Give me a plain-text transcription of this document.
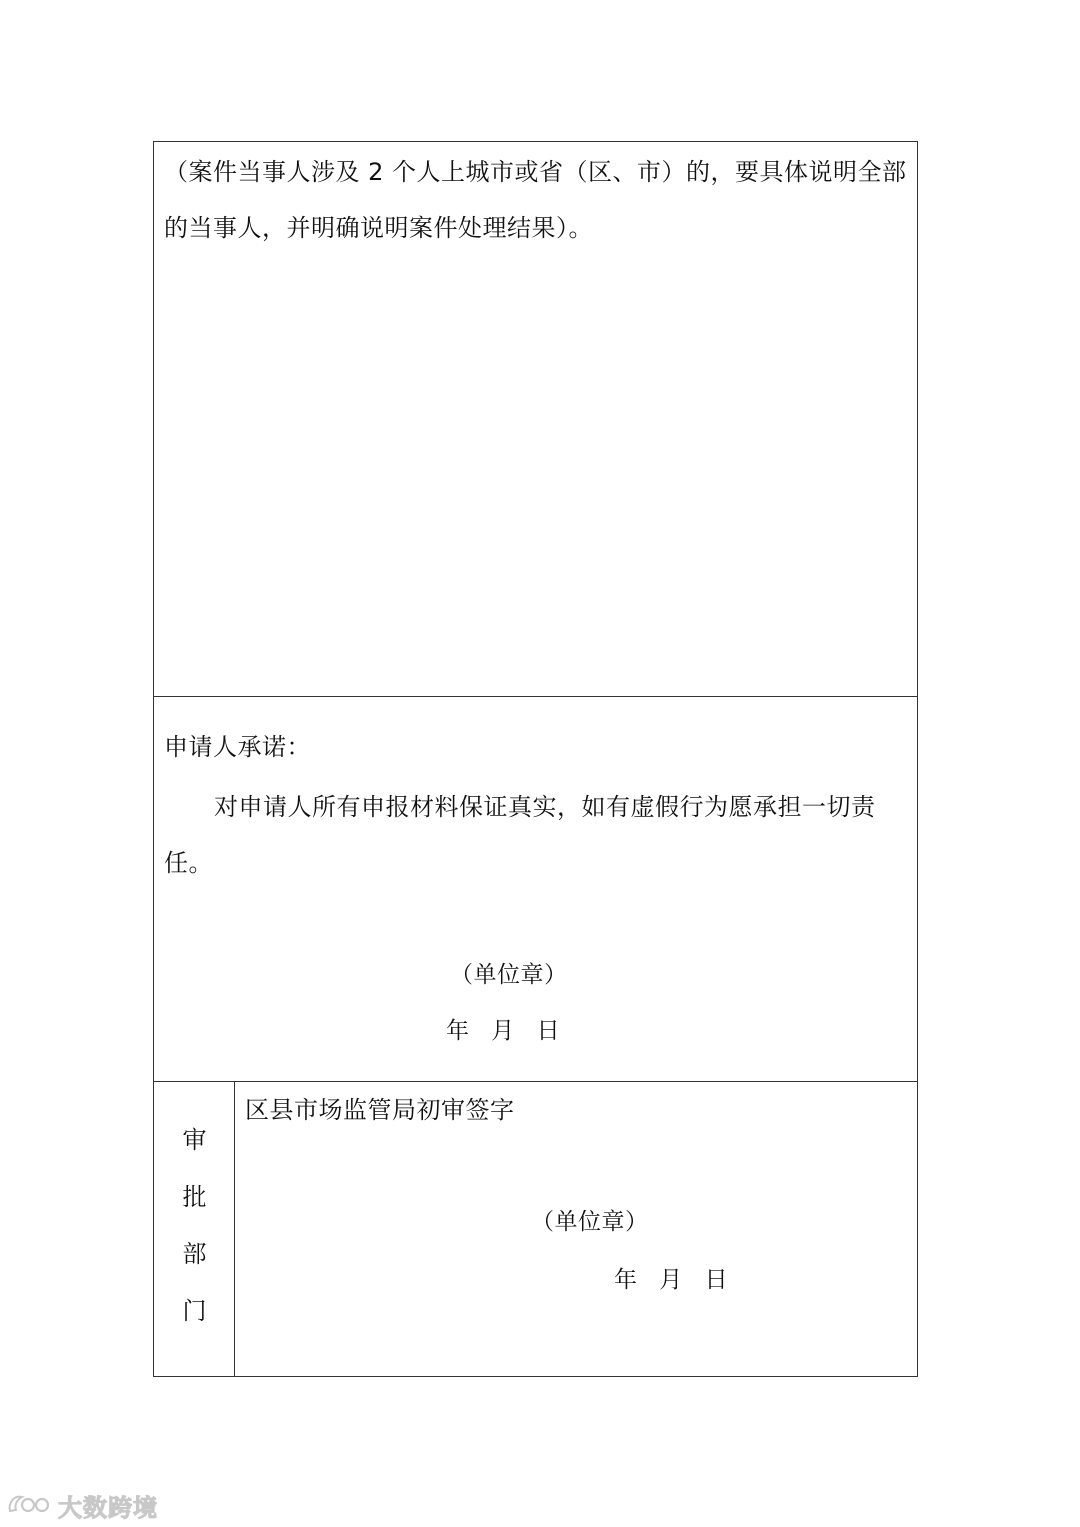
（案件当事人涉及 2 个人上城市或省（区、市）的，要具体说明全部的当事人，并明确说明案件处理结果）。
申请人承诺：
对申请人所有申报材料保证真实，如有虚假行为愿承担一切责任。
（单位章）
年 月 日
审批部门
区县市场监管局初审签字
（单位章）
年 月 日
大数跨境
